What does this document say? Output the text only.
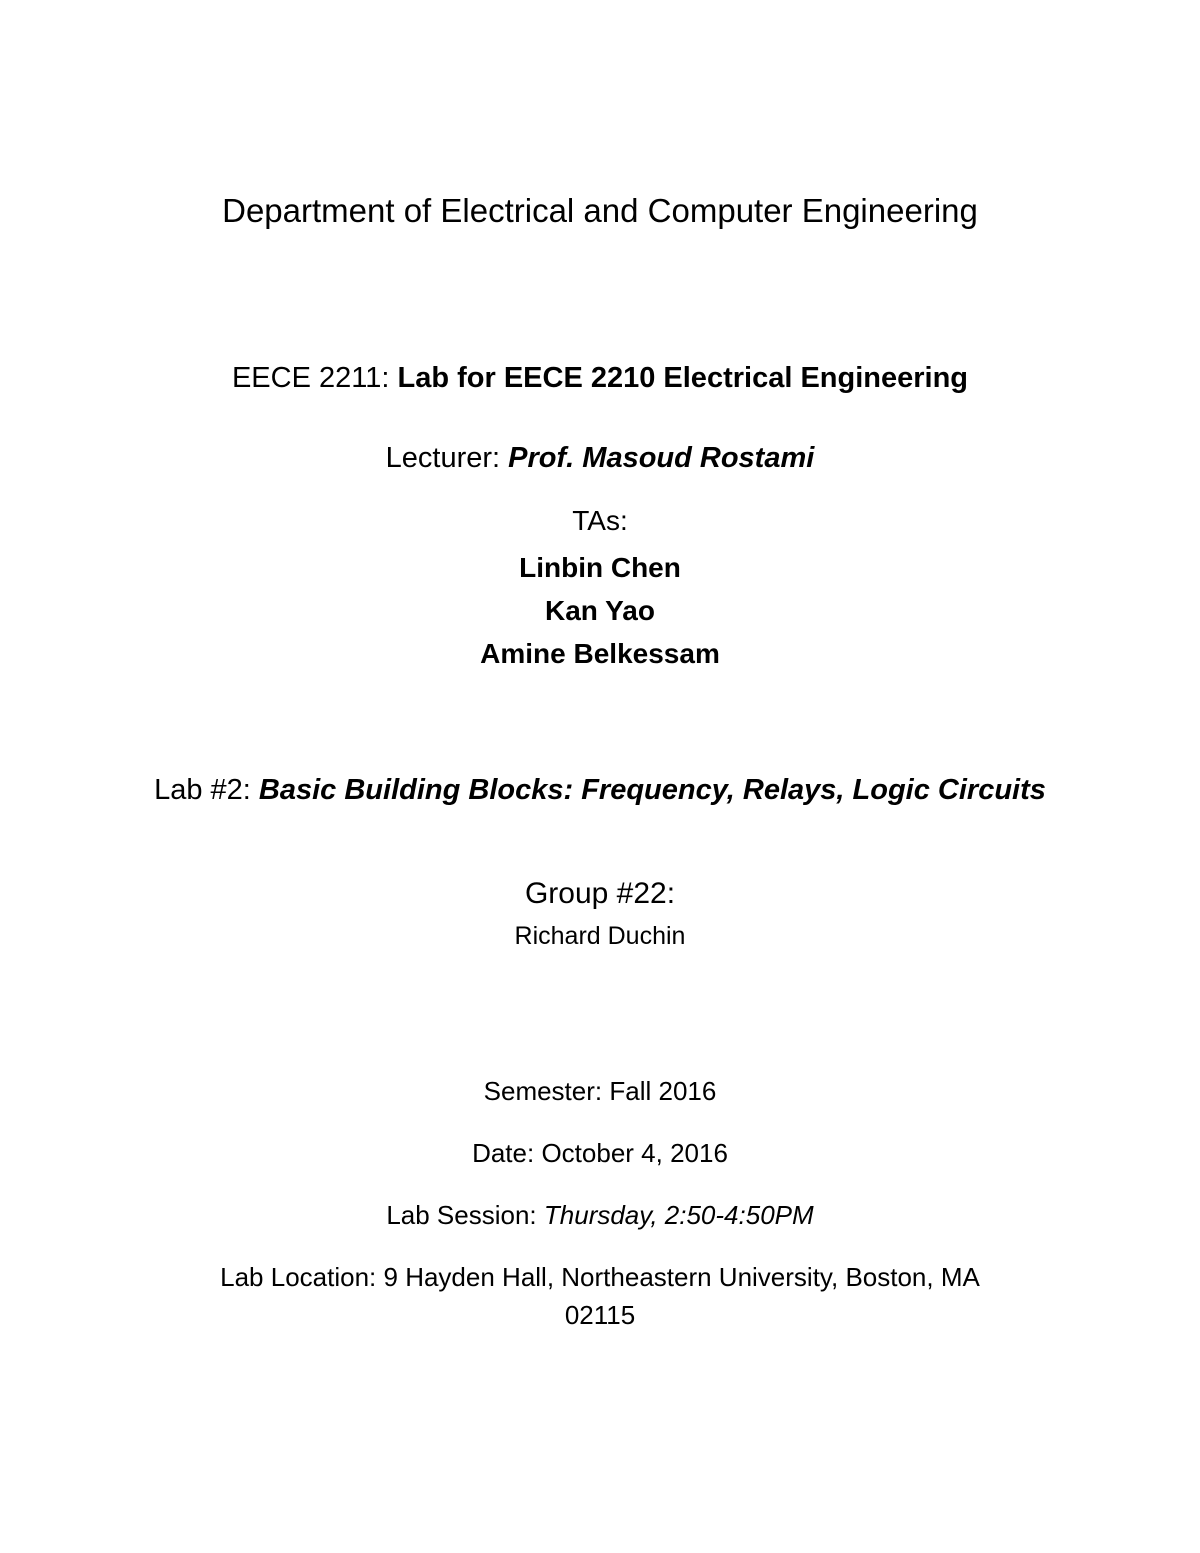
Department of Electrical and Computer Engineering
EECE 2211: Lab for EECE 2210 Electrical Engineering
Lecturer: Prof. Masoud Rostami
TAs:
Linbin Chen
Kan Yao
Amine Belkessam
Lab #2: Basic Building Blocks: Frequency, Relays, Logic Circuits
Group #22:
Richard Duchin
Semester: Fall 2016
Date: October 4, 2016
Lab Session: Thursday, 2:50-4:50PM
Lab Location: 9 Hayden Hall, Northeastern University, Boston, MA
02115
